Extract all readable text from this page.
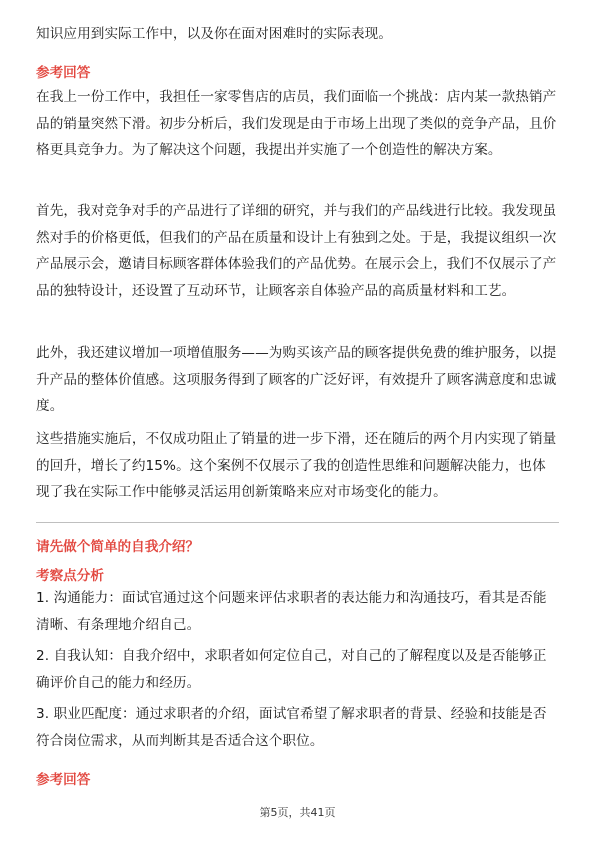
知识应用到实际工作中，以及你在面对困难时的实际表现。

参考回答

在我上一份工作中，我担任一家零售店的店员，我们面临一个挑战：店内某一款热销产品的销量突然下滑。初步分析后，我们发现是由于市场上出现了类似的竞争产品，且价格更具竞争力。为了解决这个问题，我提出并实施了一个创造性的解决方案。

首先，我对竞争对手的产品进行了详细的研究，并与我们的产品线进行比较。我发现虽然对手的价格更低，但我们的产品在质量和设计上有独到之处。于是，我提议组织一次产品展示会，邀请目标顾客群体体验我们的产品优势。在展示会上，我们不仅展示了产品的独特设计，还设置了互动环节，让顾客亲自体验产品的高质量材料和工艺。

此外，我还建议增加一项增值服务——为购买该产品的顾客提供免费的维护服务，以提升产品的整体价值感。这项服务得到了顾客的广泛好评，有效提升了顾客满意度和忠诚度。

这些措施实施后，不仅成功阻止了销量的进一步下滑，还在随后的两个月内实现了销量的回升，增长了约15%。这个案例不仅展示了我的创造性思维和问题解决能力，也体现了我在实际工作中能够灵活运用创新策略来应对市场变化的能力。

请先做个简单的自我介绍？

考察点分析

1. 沟通能力：面试官通过这个问题来评估求职者的表达能力和沟通技巧，看其是否能清晰、有条理地介绍自己。

2. 自我认知：自我介绍中，求职者如何定位自己，对自己的了解程度以及是否能够正确评价自己的能力和经历。

3. 职业匹配度：通过求职者的介绍，面试官希望了解求职者的背景、经验和技能是否符合岗位需求，从而判断其是否适合这个职位。

参考回答

第5页，共41页
